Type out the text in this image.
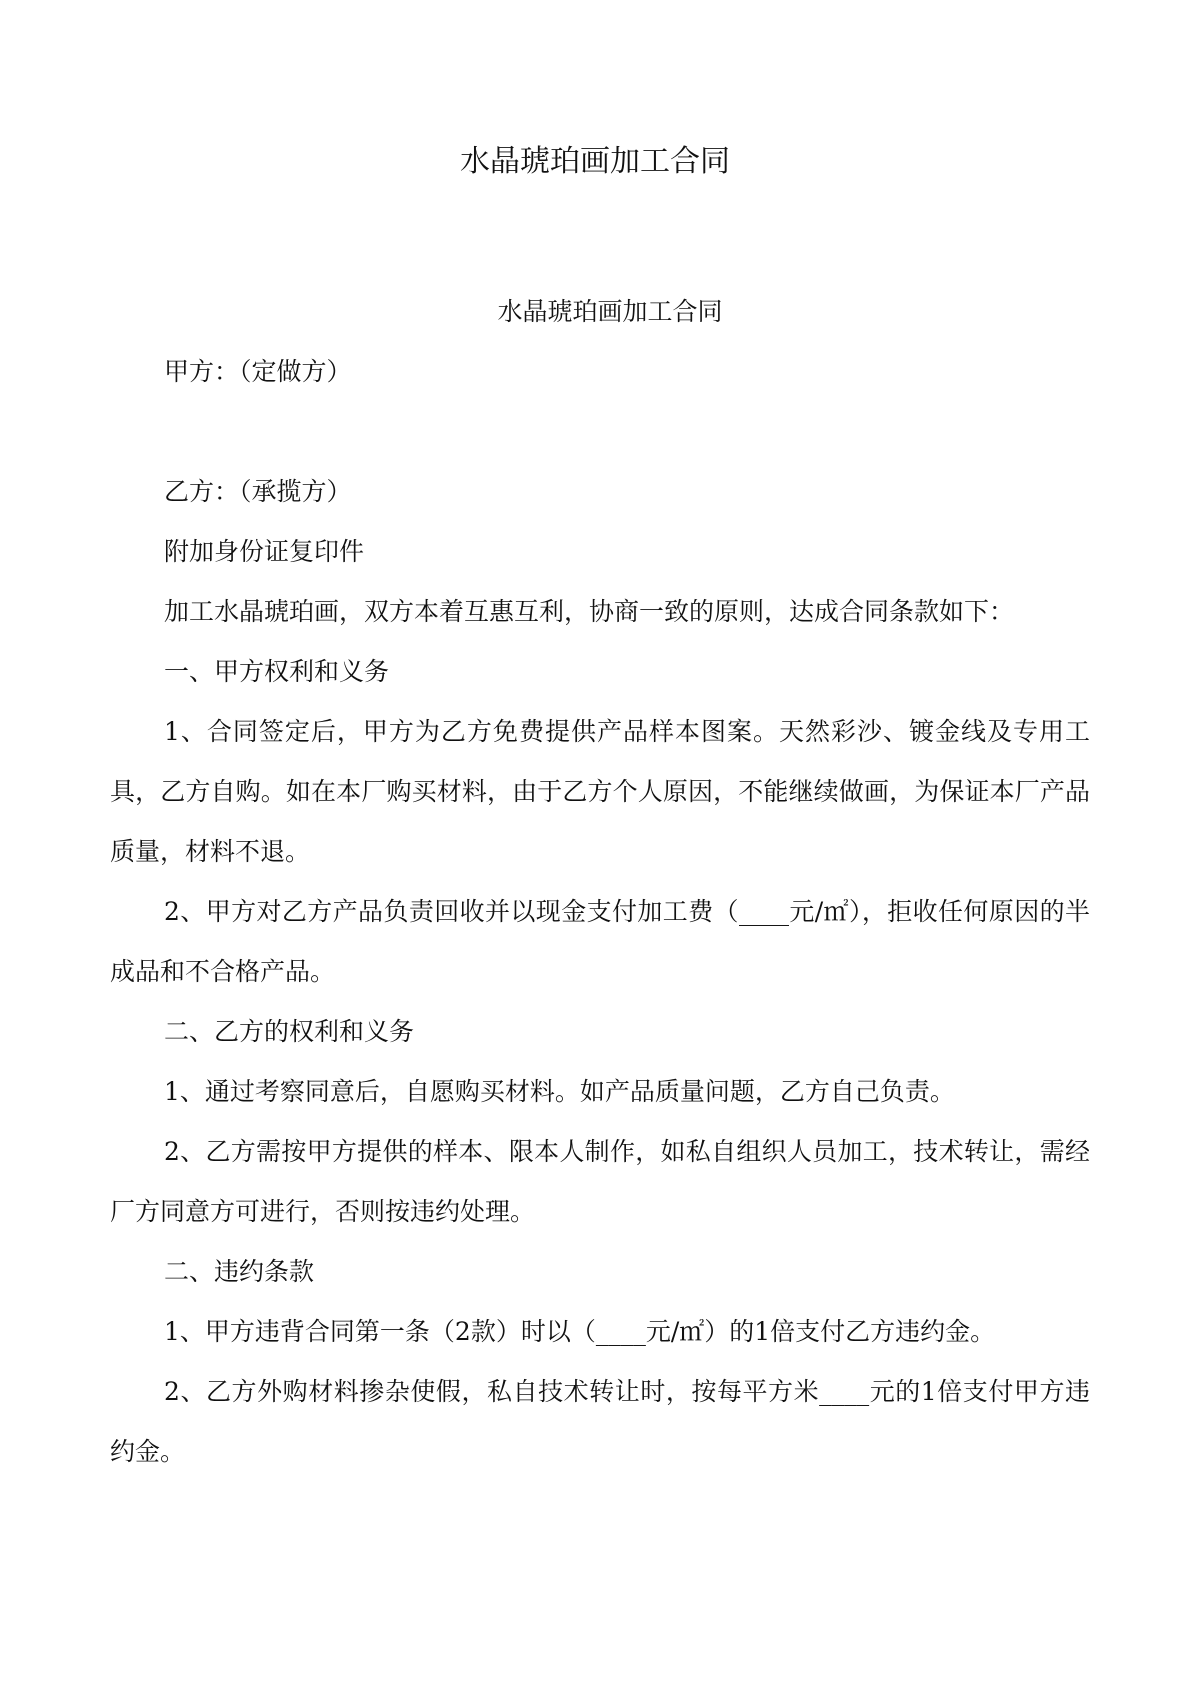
水晶琥珀画加工合同

水晶琥珀画加工合同

甲方：（定做方）

乙方：（承揽方）

附加身份证复印件

加工水晶琥珀画，双方本着互惠互利，协商一致的原则，达成合同条款如下：

一、甲方权利和义务

1、合同签定后，甲方为乙方免费提供产品样本图案。天然彩沙、镀金线及专用工具，乙方自购。如在本厂购买材料，由于乙方个人原因，不能继续做画，为保证本厂产品质量，材料不退。

2、甲方对乙方产品负责回收并以现金支付加工费（____元/㎡），拒收任何原因的半成品和不合格产品。

二、乙方的权利和义务

1、通过考察同意后，自愿购买材料。如产品质量问题，乙方自己负责。

2、乙方需按甲方提供的样本、限本人制作，如私自组织人员加工，技术转让，需经厂方同意方可进行，否则按违约处理。

二、违约条款

1、甲方违背合同第一条（2款）时以（____元/㎡）的1倍支付乙方违约金。

2、乙方外购材料掺杂使假，私自技术转让时，按每平方米____元的1倍支付甲方违约金。
